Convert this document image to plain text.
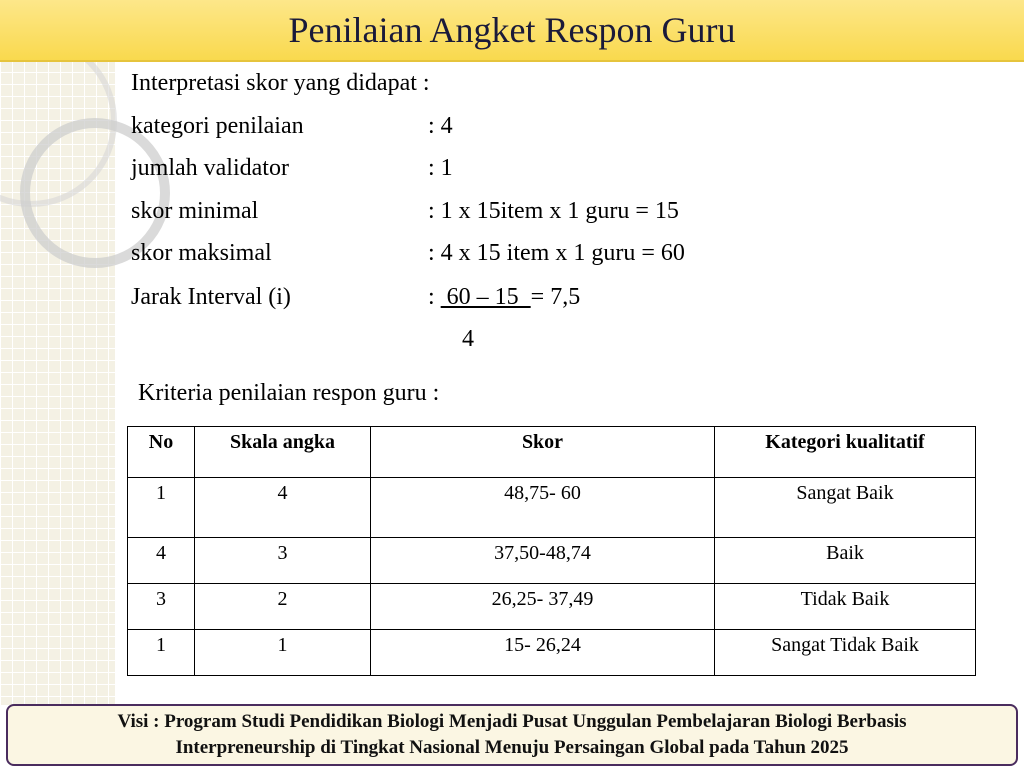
Penilaian Angket Respon Guru
Interpretasi skor yang didapat :
kategori penilaian	: 4
jumlah validator	: 1
skor minimal	: 1 x 15item x 1 guru = 15
skor maksimal	: 4 x 15 item x 1 guru = 60
Jarak Interval (i)	:  60 – 15  = 7,5
4
Kriteria penilaian respon guru :
No	Skala angka	Skor	Kategori kualitatif
1	4	48,75- 60	Sangat Baik
4	3	37,50-48,74	Baik
3	2	26,25- 37,49	Tidak Baik
1	1	15- 26,24	Sangat Tidak Baik
Visi : Program Studi Pendidikan Biologi Menjadi Pusat Unggulan Pembelajaran Biologi Berbasis
Interpreneurship di Tingkat Nasional Menuju Persaingan Global pada Tahun 2025
